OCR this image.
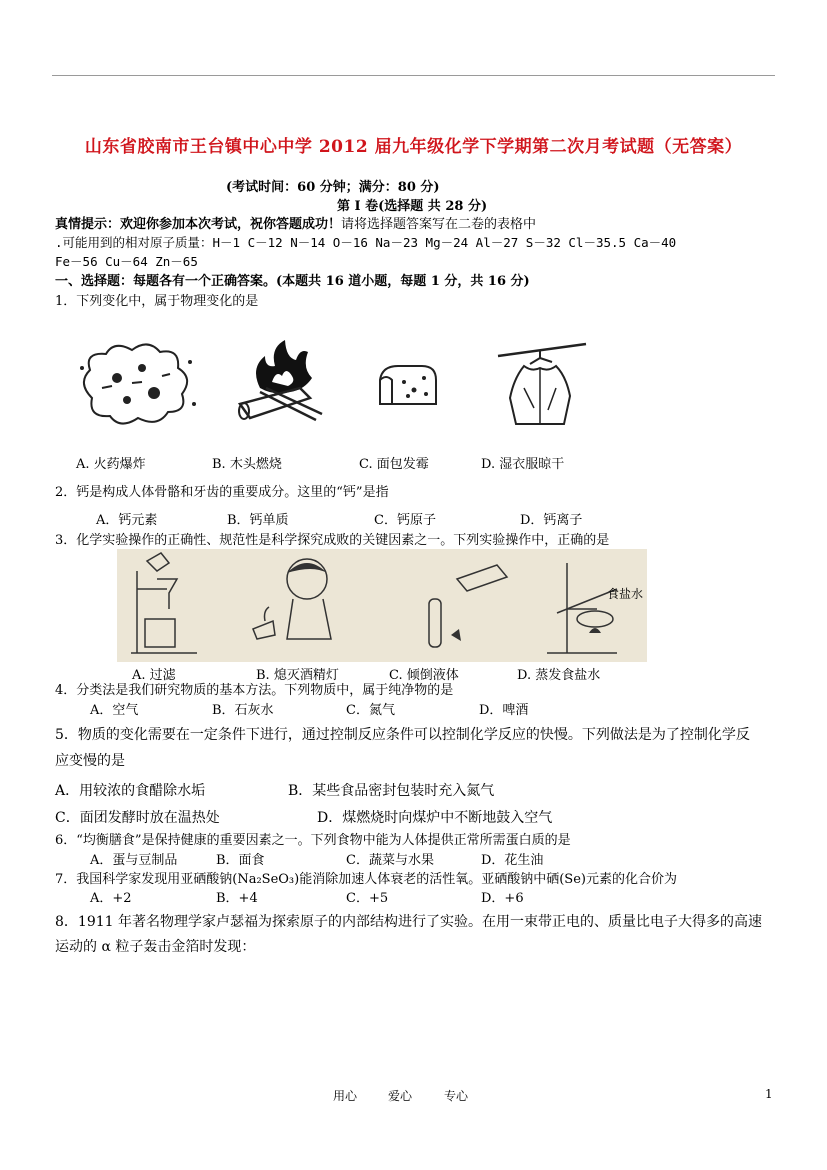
山东省胶南市王台镇中心中学 2012 届九年级化学下学期第二次月考试题（无答案）
(考试时间：60 分钟；满分：80 分)
第 I 卷(选择题 共 28 分)
真情提示：欢迎你参加本次考试，祝你答题成功！请将选择题答案写在二卷的表格中
.可能用到的相对原子质量：H－1 C－12 N－14 O－16 Na－23 Mg－24 Al－27 S－32 Cl－35.5 Ca－40
Fe－56 Cu－64 Zn－65
一、选择题：每题各有一个正确答案。(本题共 16 道小题，每题 1 分，共 16 分)
1．下列变化中，属于物理变化的是
A. 火药爆炸	B. 木头燃烧	C. 面包发霉	D. 湿衣服晾干
2．钙是构成人体骨骼和牙齿的重要成分。这里的“钙”是指
A．钙元素	B．钙单质	C．钙原子	D．钙离子
3．化学实验操作的正确性、规范性是科学探究成败的关键因素之一。下列实验操作中，正确的是
食盐水
A. 过滤	B. 熄灭酒精灯	C. 倾倒液体	D. 蒸发食盐水
4．分类法是我们研究物质的基本方法。下列物质中，属于纯净物的是
A．空气	B．石灰水	C．氮气	D．啤酒
5．物质的变化需要在一定条件下进行，通过控制反应条件可以控制化学反应的快慢。下列做法是为了控制化学反
应变慢的是
A．用较浓的食醋除水垢	B．某些食品密封包装时充入氮气
C．面团发酵时放在温热处	D．煤燃烧时向煤炉中不断地鼓入空气
6．“均衡膳食”是保持健康的重要因素之一。下列食物中能为人体提供正常所需蛋白质的是
A．蛋与豆制品	B．面食	C．蔬菜与水果	D．花生油
7．我国科学家发现用亚硒酸钠(Na₂SeO₃)能消除加速人体衰老的活性氧。亚硒酸钠中硒(Se)元素的化合价为
A．+2	B．+4	C．+5	D．+6
8．1911 年著名物理学家卢瑟福为探索原子的内部结构进行了实验。在用一束带正电的、质量比电子大得多的高速
运动的 α 粒子轰击金箔时发现：
用心	爱心	专心	1
